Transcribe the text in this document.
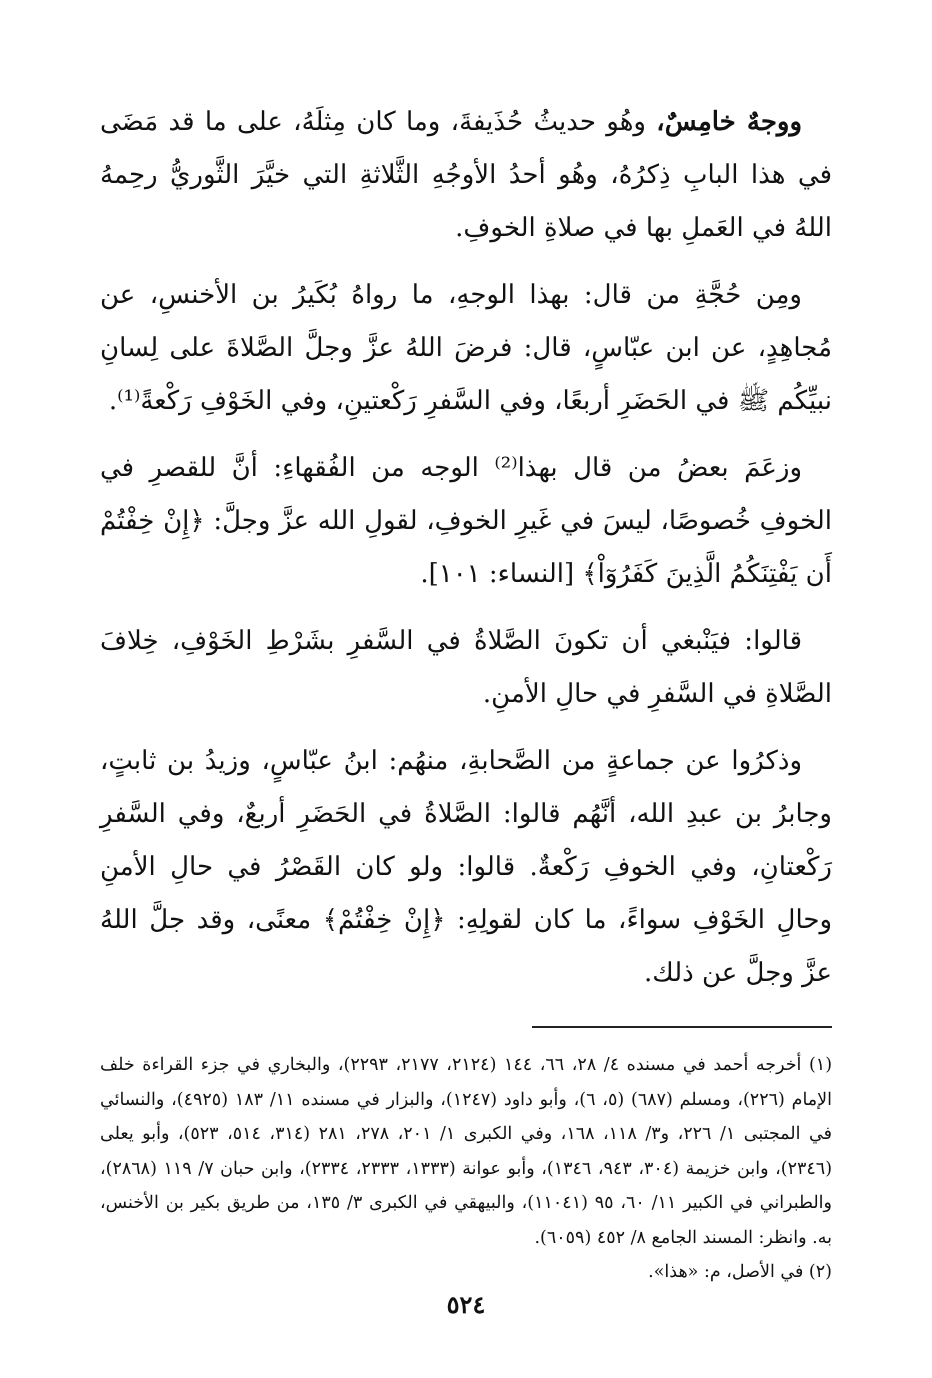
ووجهٌ خامِسٌ، وهُو حديثُ حُذَيفةَ، وما كان مِثلَهُ، على ما قد مَضَى في هذا البابِ ذِكرُهُ، وهُو أحدُ الأوجُهِ الثَّلاثةِ التي خيَّرَ الثَّوريُّ رحِمهُ اللهُ في العَملِ بها في صلاةِ الخوفِ.

ومِن حُجَّةِ من قال: بهذا الوجهِ، ما رواهُ بُكَيرُ بن الأخنسِ، عن مُجاهِدٍ، عن ابن عبّاسٍ، قال: فرضَ اللهُ عزَّ وجلَّ الصَّلاةَ على لِسانِ نبيِّكُم ﷺ في الحَضَرِ أربعًا، وفي السَّفرِ رَكْعتينِ، وفي الخَوْفِ رَكْعةً⁽¹⁾.

وزعَمَ بعضُ من قال بهذا⁽²⁾ الوجه من الفُقهاءِ: أنَّ للقصرِ في الخوفِ خُصوصًا، ليسَ في غَيرِ الخوفِ، لقولِ الله عزَّ وجلَّ: ﴿إِنْ خِفْتُمْ أَن يَفْتِنَكُمُ الَّذِينَ كَفَرُوٓاْ﴾ [النساء: ١٠١].

قالوا: فيَنْبغي أن تكونَ الصَّلاةُ في السَّفرِ بشَرْطِ الخَوْفِ، خِلافَ الصَّلاةِ في السَّفرِ في حالِ الأمنِ.

وذكرُوا عن جماعةٍ من الصَّحابةِ، منهُم: ابنُ عبّاسٍ، وزيدُ بن ثابتٍ، وجابرُ بن عبدِ الله، أنَّهُم قالوا: الصَّلاةُ في الحَضَرِ أربعٌ، وفي السَّفرِ رَكْعتانِ، وفي الخوفِ رَكْعةٌ. قالوا: ولو كان القَصْرُ في حالِ الأمنِ وحالِ الخَوْفِ سواءً، ما كان لقولِهِ: ﴿إِنْ خِفْتُمْ﴾ معنًى، وقد جلَّ اللهُ عزَّ وجلَّ عن ذلك.

(١) أخرجه أحمد في مسنده ٤/ ٢٨، ٦٦، ١٤٤ (٢١٢٤، ٢١٧٧، ٢٢٩٣)، والبخاري في جزء القراءة خلف الإمام (٢٢٦)، ومسلم (٦٨٧) (٥، ٦)، وأبو داود (١٢٤٧)، والبزار في مسنده ١١/ ١٨٣ (٤٩٢٥)، والنسائي في المجتبى ١/ ٢٢٦، و٣/ ١١٨، ١٦٨، وفي الكبرى ١/ ٢٠١، ٢٧٨، ٢٨١ (٣١٤، ٥١٤، ٥٢٣)، وأبو يعلى (٢٣٤٦)، وابن خزيمة (٣٠٤، ٩٤٣، ١٣٤٦)، وأبو عوانة (١٣٣٣، ٢٣٣٣، ٢٣٣٤)، وابن حبان ٧/ ١١٩ (٢٨٦٨)، والطبراني في الكبير ١١/ ٦٠، ٩٥ (١١٠٤١)، والبيهقي في الكبرى ٣/ ١٣٥، من طريق بكير بن الأخنس، به. وانظر: المسند الجامع ٨/ ٤٥٢ (٦٠٥٩).

(٢) في الأصل، م: «هذا».

٥٢٤
